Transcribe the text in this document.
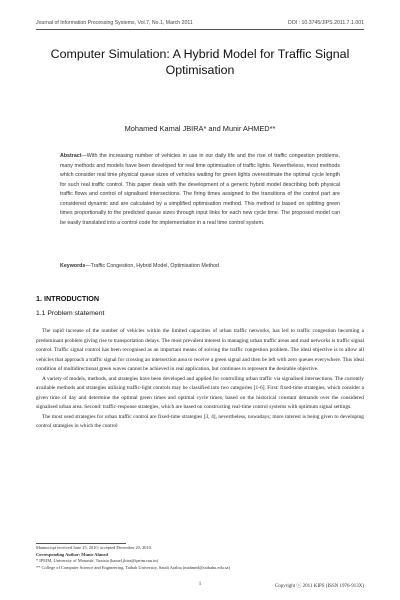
Journal of Information Processing Systems, Vol.7, No.1, March 2011	DOI : 10.3745/JIPS.2011.7.1.001
Computer Simulation: A Hybrid Model for Traffic Signal Optimisation
Mohamed Kamal JBIRA* and Munir AHMED**

Abstract—With the increasing number of vehicles in use in our daily life and the rise of traffic congestion problems, many methods and models have been developed for real time optimisation of traffic lights. Nevertheless, most methods which consider real time physical queue sizes of vehicles waiting for green lights overestimate the optimal cycle length for such real traffic control. This paper deals with the development of a generic hybrid model describing both physical traffic flows and control of signalised intersections. The firing times assigned to the transitions of the control part are considered dynamic and are calculated by a simplified optimisation method. This method is based on splitting green times proportionally to the predicted queue sizes through input links for each new cycle time. The proposed model can be easily translated into a control code for implementation in a real time control system.

Keywords—Traffic Congestion, Hybrid Model, Optimisation Method
1. INTRODUCTION
1.1 Problem statement

The rapid increase of the number of vehicles within the limited capacities of urban traffic networks, has led to traffic congestion becoming a predominant problem giving rise to transportation delays. The most prevalent interest in managing urban traffic areas and road networks is traffic signal control. Traffic signal control has been recognised as an important means of solving the traffic congestion problem. The ideal objective is to allow all vehicles that approach a traffic signal for crossing an intersection area to receive a green signal and then be left with zero queues everywhere. This ideal condition of multidirectional green waves cannot be achieved in real application, but continues to represent the desirable objective.

A variety of models, methods, and strategies have been developed and applied for controlling urban traffic via signalised intersections. The currently available methods and strategies utilising traffic-light controls may be classified into two categories [1-6]. First: fixed-time strategies, which consider a given time of day and determine the optimal green times and optimal cycle times, based on the historical constant demands over the considered signalised urban area. Second: traffic-response strategies, which are based on constructing real-time control systems with optimum signal settings.

The most used strategies for urban traffic control are fixed-time strategies [3, 4], nevertheless, nowadays; more interest is being given to developing control strategies in which the control

Manuscript received June 25, 2010; accepted December 20, 2010.
Corresponding Author: Munir Ahmed
* IPEIM, University of Monastir, Tunisia (kamel.jbira@ipeim.rnu.tn)
** College of Computer Science and Engineering, Taibah University, Saudi Arabia (mahmed@taibahu.edu.sa)
1	Copyright ⓒ 2011 KIPS (ISSN 1976-913X)
